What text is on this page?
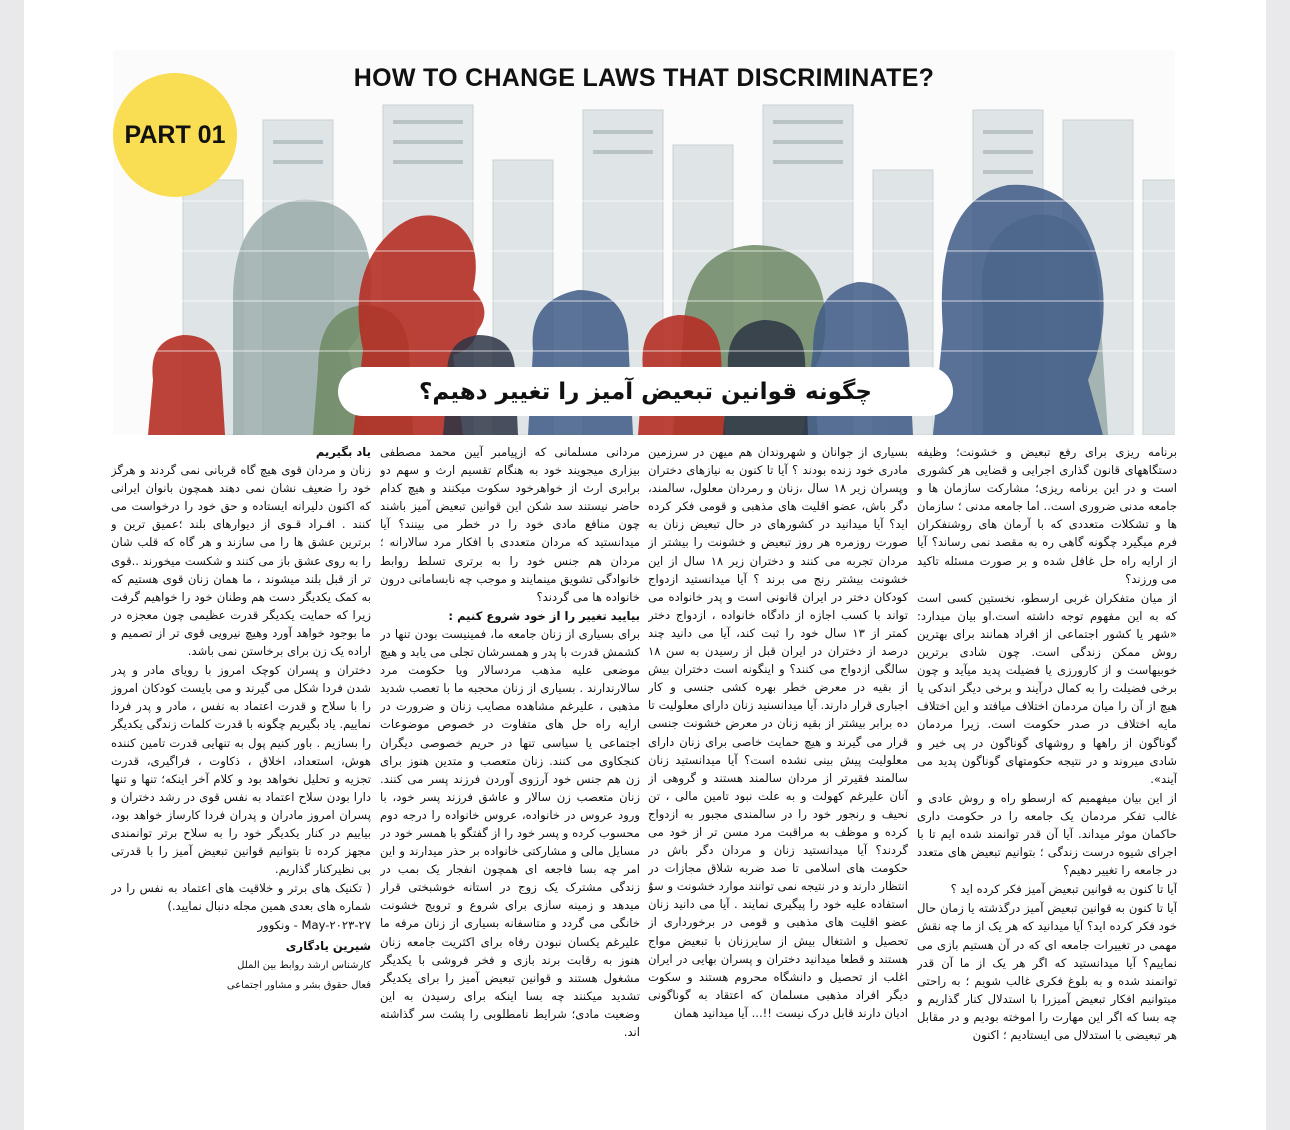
HOW TO CHANGE LAWS THAT DISCRIMINATE?
PART 01
چگونه قوانین تبعیض آمیز را تغییر دهیم؟

برنامه ریزی برای رفع تبعیض و خشونت؛ وظیفه دستگاههای قانون گذاری اجرایی و قضایی هر کشوری است و در این برنامه ریزی؛ مشارکت سازمان ها و جامعه مدنی ضروری است.. اما جامعه مدنی ؛ سازمان ها و تشکلات متعددی که با آرمان های روشنفکران فرم میگیرد چگونه گاهی ره به مقصد نمی رساند؟ آیا از ارایه راه حل غافل شده و بر صورت مسئله تاکید می ورزند؟

از میان متفکران غربی ارسطو، نخستین کسی است که به این مفهوم توجه داشته است.او بیان میدارد: «شهر یا کشور اجتماعی از افراد همانند برای بهترین روش ممکن زندگی است. چون شادی برترین خوبیهاست و از کارورزی یا فضیلت پدید میآید و چون برخی فضیلت را به کمال درآیند و برخی دیگر اندکی یا هیچ از آن را میان مردمان اختلاف میافتد و این اختلاف مایه اختلاف در صدر حکومت است. زیرا مردمان گوناگون از راهها و روشهای گوناگون در پی خیر و شادی میروند و در نتیجه حکومتهای گوناگون پدید می آیند».

از این بیان میفهمیم که ارسطو راه و روش عادی و غالب تفکر مردمان یک جامعه را در حکومت داری حاکمان موثر میداند. آیا آن قدر توانمند شده ایم تا با اجرای شیوه درست زندگی ؛ بتوانیم تبعیض های متعدد در جامعه را تغییر دهیم؟

آیا تا کنون به قوانین تبعیض آمیز فکر کرده اید ؟

آیا تا کنون به قوانین تبعیض آمیز درگذشته یا زمان حال خود فکر کرده اید؟ آیا میدانید که هر یک از ما چه نقش مهمی در تغییرات جامعه ای که در آن هستیم بازی می نماییم؟ آیا میدانستید که اگر هر یک از ما آن قدر توانمند شده و به بلوغ فکری غالب شویم ؛ به راحتی میتوانیم افکار تبعیض آمیزرا با استدلال کنار گذاریم و چه بسا که اگر این مهارت را اموخته بودیم و در مقابل هر تبعیضی با استدلال می ایستادیم ؛ اکنون

بسیاری از جوانان و شهروندان هم میهن در سرزمین مادری خود زنده بودند ؟ آیا تا کنون به نیازهای دختران وپسران زیر ۱۸ سال ،زنان و رمردان معلول، سالمند، دگر باش، عضو اقلیت های مذهبی و قومی فکر کرده اید؟ آیا میدانید در کشورهای در حال تبعیض زنان به صورت روزمره هر روز تبعیض و خشونت را بیشتر از مردان تجربه می کنند و دختران زیر ۱۸ سال از این خشونت بیشتر رنج می برند ؟ آیا میدانستید ازدواج کودکان دختر در ایران قانونی است و پدر خانواده می تواند با کسب اجازه از دادگاه خانواده ، ازدواج دختر کمتر از ۱۳ سال خود را ثبت کند، آیا می دانید چند درصد از دختران در ایران قبل از رسیدن به سن ۱۸ سالگی ازدواج می کنند؟ و اینگونه است دختران بیش از بقیه در معرض خطر بهره کشی جنسی و کار اجباری قرار دارند. آیا میدانسنید زنان دارای معلولیت تا ده برابر بیشتر از بقیه زنان در معرض خشونت جنسی قرار می گیرند و هیچ حمایت خاصی برای زنان دارای معلولیت پیش بینی نشده است؟ آیا میدانستید زنان سالمند فقیرتر از مردان سالمند هستند و گروهی از آنان علیرغم کهولت و به علت نبود تامین مالی ، تن نحیف و رنجور خود را در سالمندی مجبور به ازدواج کرده و موظف به مراقبت مرد مسن تر از خود می گردند؟ آیا میدانستید زنان و مردان دگر باش در حکومت های اسلامی تا صد ضربه شلاق مجازات در انتظار دارند و در نتیجه نمی توانند موارد خشونت و سوُ استفاده علیه خود را پیگیری نمایند . آیا می دانید زنان عضو اقلیت های مذهبی و قومی در برخورداری از تحصیل و اشتغال بیش از سایرزنان با تبعیض مواج هستند و قطعا میدانید دختران و پسران بهایی در ایران اغلب از تحصیل و دانشگاه محروم هستند و سکوت دیگر افراد مذهبی مسلمان که اعتقاد به گوناگونی ادیان دارند قابل درک نیست !!... آیا میدانید همان

مردانی مسلمانی که ازپیامبر آیین محمد مصطفی بیزاری میجویند خود به هنگام تقسیم ارث و سهم دو برابری ارث از خواهرخود سکوت میکنند و هیچ کدام حاضر نیستند سد شکن این قوانین تبعیض آمیز باشند چون منافع مادی خود را در خطر می بینند؟ آیا میدانستید که مردان متعددی با افکار مرد سالارانه ؛ مردان هم جنس خود را به برتری تسلط روابط خانوادگی تشویق مینمایند و موجب چه نابسامانی درون خانواده ها می گردند؟

بیایید تغییر را از خود شروع کنیم :

برای بسیاری از زنان جامعه ما، فمینیست بودن تنها در کشمش قدرت با پدر و همسرشان تجلی می یابد و هیچ موضعی علیه مذهب مردسالار ویا حکومت مرد سالارندارند . بسیاری از زنان محجبه ما با تعصب شدید مذهبی ، علیرغم مشاهده مصایب زنان و ضرورت در ارایه راه حل های متفاوت در خصوص موضوعات اجتماعی یا سیاسی تنها در حریم خصوصی دیگران کنجکاوی می کنند. زنان متعصب و متدین هنوز برای زن هم جنس خود آرزوی آوردن فرزند پسر می کنند. زنان متعصب زن سالار و عاشق فرزند پسر خود، با ورود عروس در خانواده، عروس خانواده را درجه دوم محسوب کرده و پسر خود را از گفتگو با همسر خود در مسایل مالی و مشارکتی خانواده بر حذر میدارند و این امر چه بسا فاجعه ای همچون انفجار یک بمب در زندگی مشترک یک زوج در استانه خوشبختی قرار میدهد و زمینه سازی برای شروع و ترویج خشونت خانگی می گردد و متاسفانه بسیاری از زنان مرفه ما علیرغم یکسان نبودن رفاه برای اکثریت جامعه زنان هنوز به رقابت برند بازی و فخر فروشی با یکدیگر مشغول هستند و قوانین تبعیض آمیز را برای یکدیگر تشدید میکنند چه بسا اینکه برای رسیدن به این وضعیت مادی؛ شرایط نامطلوبی را پشت سر گذاشته اند.

یاد بگیریم

زنان و مردان قوی هیچ گاه قربانی نمی گردند و هرگز خود را ضعیف نشان نمی دهند همچون بانوان ایرانی که اکنون دلیرانه ایستاده و حق خود را درخواست می کنند . افـراد قـوی از دیوارهای بلند ؛عمیق ترین و برترین عشق ها را می سازند و هر گاه که قلب شان را به روی عشق باز می کنند و شکست میخورند ..قوی تر از قبل بلند میشوند ، ما همان زنان قوی هستیم که به کمک یکدیگر دست هم وطنان خود را خواهیم گرفت زیرا که حمایت یکدیگر قدرت عظیمی چون معجزه در ما بوجود خواهد آورد وهیچ نیرویی قوی تر از تصمیم و اراده یک زن برای برخاستن نمی باشد.

دختران و پسران کوچک امروز با رویای مادر و پدر شدن فردا شکل می گیرند و می بایست کودکان امروز را با سلاح و قدرت اعتماد به نفس ، مادر و پدر فردا نماییم. یاد بگیریم چگونه با قدرت کلمات زندگی یکدیگر را بسازیم . باور کنیم پول به تنهایی قدرت تامین کننده هوش، استعداد، اخلاق ، ذکاوت ، فراگیری، قدرت تجزیه و تحلیل نخواهد بود و کلام آخر اینکه؛ تنها و تنها دارا بودن سلاح اعتماد به نفس قوی در رشد دختران و پسران امروز مادران و پدران فردا کارساز خواهد بود، بیاییم در کنار یکدیگر خود را به سلاح برتر توانمندی مجهز کرده تا بتوانیم قوانین تبعیض آمیز را با قدرتی بی نظیرکنار گذاریم.

( تکنیک های برتر و خلاقیت های اعتماد به نفس را در شماره های بعدی همین مجله دنبال نمایید.)

۲۷-May-۲۰۲۳ - ونکوور

شیرین یادگاری

کارشناس ارشد روابط بین الملل

فعال حقوق بشر و مشاور اجتماعی
